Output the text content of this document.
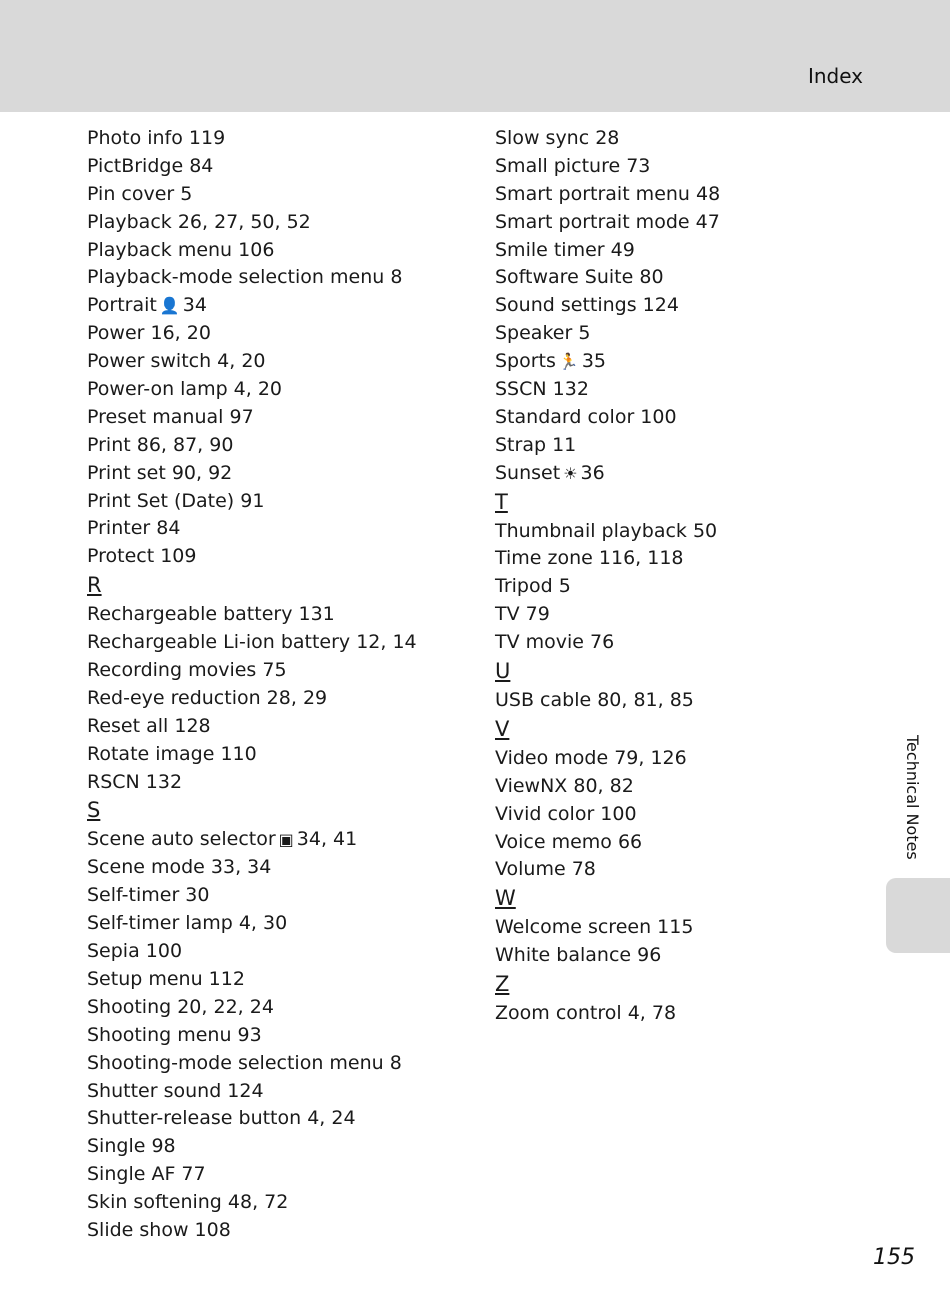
Index
Photo info 119
PictBridge 84
Pin cover 5
Playback 26, 27, 50, 52
Playback menu 106
Playback-mode selection menu 8
Portrait 👤 34
Power 16, 20
Power switch 4, 20
Power-on lamp 4, 20
Preset manual 97
Print 86, 87, 90
Print set 90, 92
Print Set (Date) 91
Printer 84
Protect 109
R
Rechargeable battery 131
Rechargeable Li-ion battery 12, 14
Recording movies 75
Red-eye reduction 28, 29
Reset all 128
Rotate image 110
RSCN 132
S
Scene auto selector ▣ 34, 41
Scene mode 33, 34
Self-timer 30
Self-timer lamp 4, 30
Sepia 100
Setup menu 112
Shooting 20, 22, 24
Shooting menu 93
Shooting-mode selection menu 8
Shutter sound 124
Shutter-release button 4, 24
Single 98
Single AF 77
Skin softening 48, 72
Slide show 108
Slow sync 28
Small picture 73
Smart portrait menu 48
Smart portrait mode 47
Smile timer 49
Software Suite 80
Sound settings 124
Speaker 5
Sports 🏃 35
SSCN 132
Standard color 100
Strap 11
Sunset ☀ 36
T
Thumbnail playback 50
Time zone 116, 118
Tripod 5
TV 79
TV movie 76
U
USB cable 80, 81, 85
V
Video mode 79, 126
ViewNX 80, 82
Vivid color 100
Voice memo 66
Volume 78
W
Welcome screen 115
White balance 96
Z
Zoom control 4, 78
Technical Notes
155
